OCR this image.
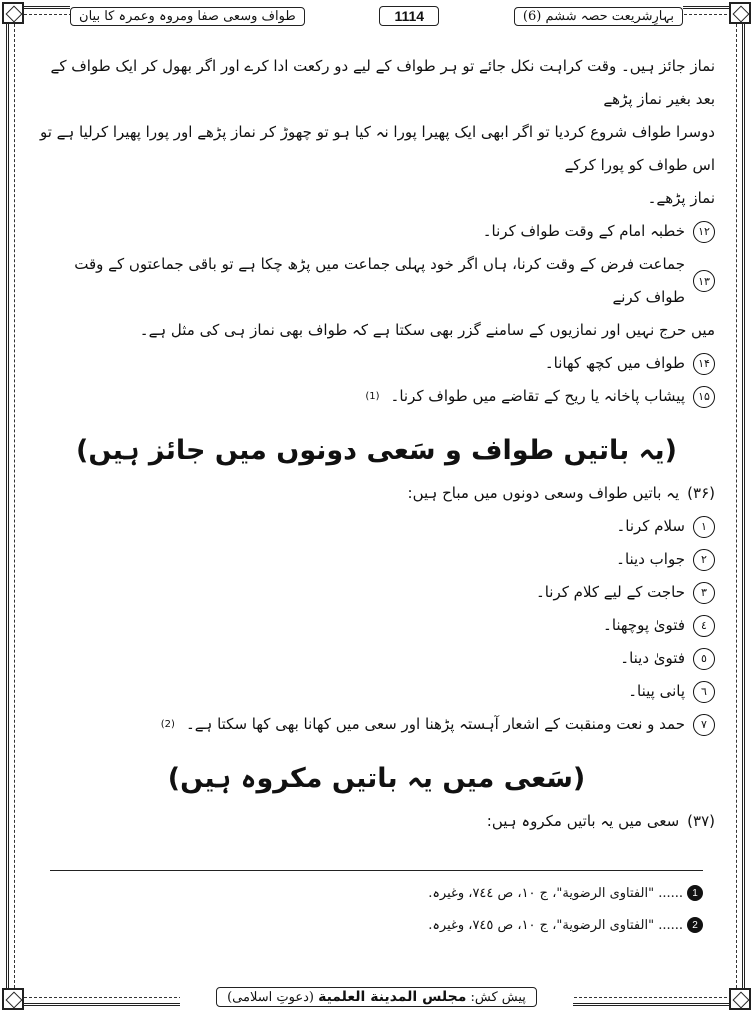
بہارِشریعت حصہ ششم (6)
1114
طواف وسعی صفا ومروہ وعمرہ کا بیان

نماز جائز ہیں۔ وقت کراہت نکل جائے تو ہر طواف کے لیے دو رکعت ادا کرے اور اگر بھول کر ایک طواف کے بعد بغیر نماز پڑھے

دوسرا طواف شروع کردیا تو اگر ابھی ایک پھیرا پورا نہ کیا ہو تو چھوڑ کر نماز پڑھے اور پورا پھیرا کرلیا ہے تو اس طواف کو پورا کرکے

نماز پڑھے۔

۱۲
خطبہ امام کے وقت طواف کرنا۔

۱۳
جماعت فرض کے وقت کرنا، ہاں اگر خود پہلی جماعت میں پڑھ چکا ہے تو باقی جماعتوں کے وقت طواف کرنے

میں حرج نہیں اور نمازیوں کے سامنے گزر بھی سکتا ہے کہ طواف بھی نماز ہی کی مثل ہے۔

۱۴
طواف میں کچھ کھانا۔

۱۵
پیشاب پاخانہ یا ریح کے تقاضے میں طواف کرنا۔
(1)

(یہ باتیں طواف و سَعی دونوں میں جائز ہیں)

(۳۶)
یہ باتیں طواف وسعی دونوں میں مباح ہیں:

١
سلام کرنا۔

٢
جواب دینا۔

٣
حاجت کے لیے کلام کرنا۔

٤
فتویٰ پوچھنا۔

٥
فتویٰ دینا۔

٦
پانی پینا۔

٧
حمد و نعت ومنقبت کے اشعار آہستہ پڑھنا اور سعی میں کھانا بھی کھا سکتا ہے۔
(2)

(سَعی میں یہ باتیں مکروہ ہیں)

(۳۷)
سعی میں یہ باتیں مکروہ ہیں:

...... "الفتاوی الرضویة"، ج ١٠، ص ٧٤٤، وغیرہ. 1
...... "الفتاوی الرضویة"، ج ١٠، ص ٧٤٥، وغیرہ. 2
پیش کش: مجلس المدینة العلمیة (دعوتِ اسلامی)
